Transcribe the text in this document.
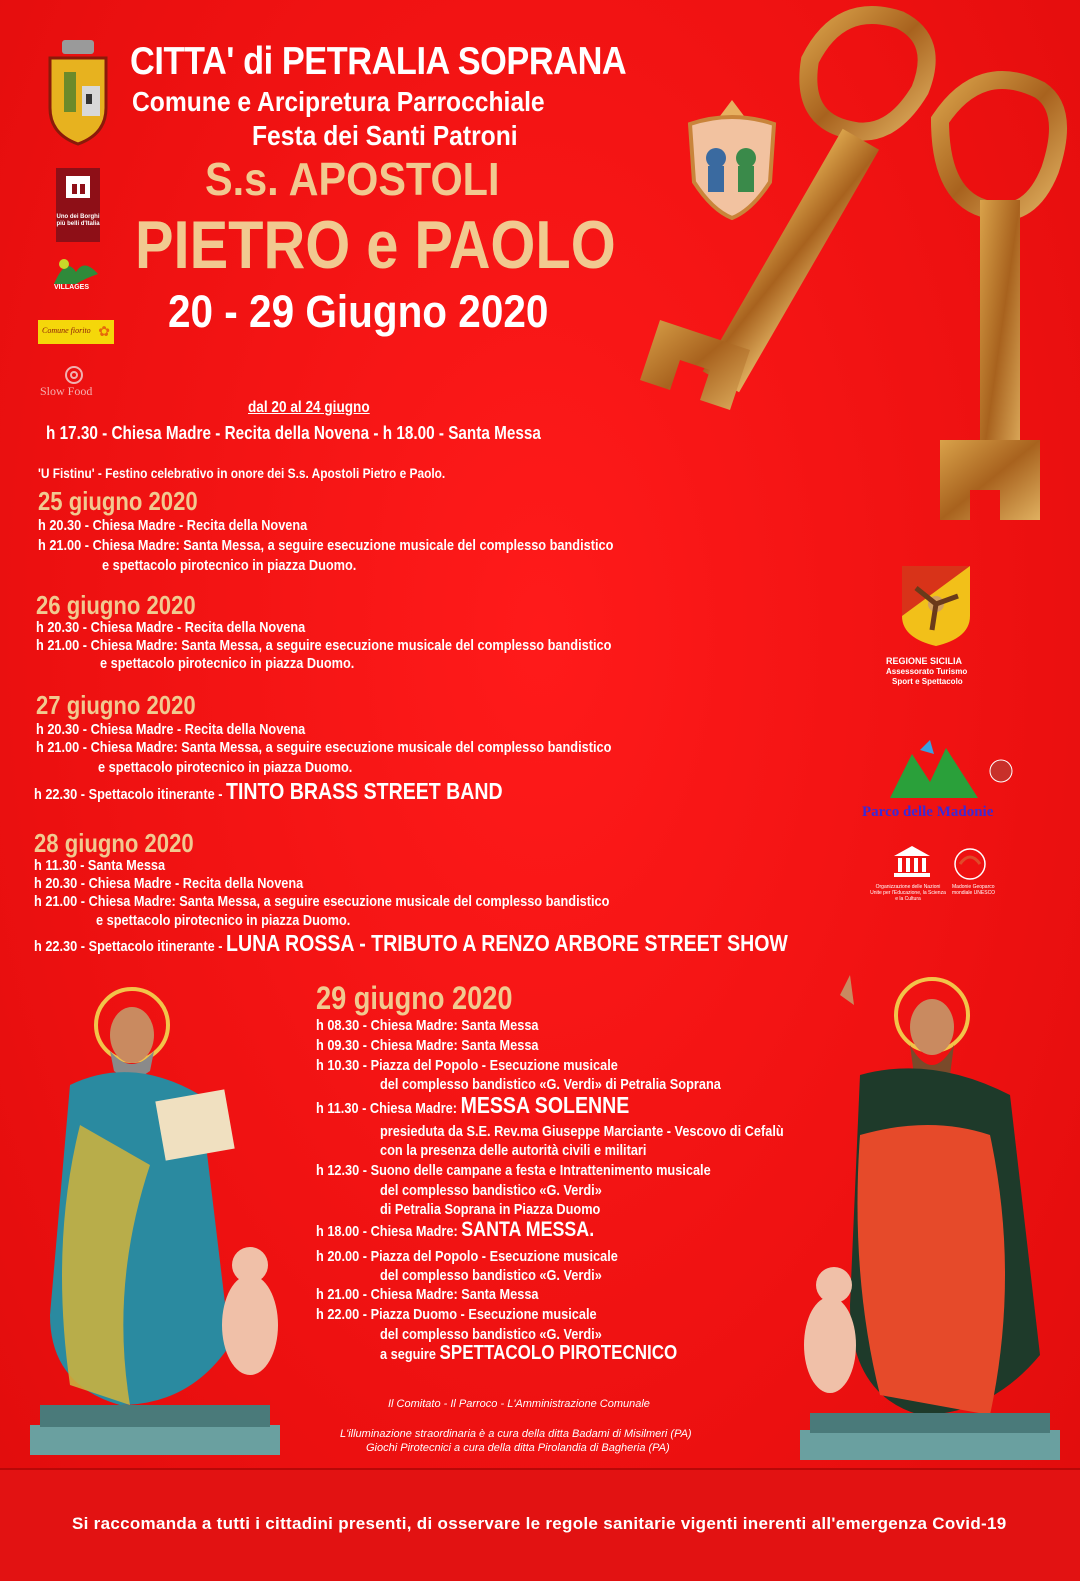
CITTA' di PETRALIA SOPRANA
Comune e Arcipretura Parrocchiale
Festa dei Santi Patroni
S.s. APOSTOLI
PIETRO e PAOLO
20 - 29 Giugno 2020
Uno dei Borghi più belli d'Italia
VILLAGES
Comune fiorito ✿
Slow Food
REGIONE SICILIA
Assessorato Turismo
Sport e Spettacolo
Parco delle Madonie
Organizzazione delle Nazioni Unite per l'Educazione, la Scienza e la Cultura
Madonie Geoparco mondiale UNESCO
dal 20 al 24 giugno
h 17.30 - Chiesa Madre - Recita della Novena - h 18.00 - Santa Messa
'U Fistinu' - Festino celebrativo in onore dei S.s. Apostoli Pietro e Paolo.
25 giugno 2020
h 20.30 - Chiesa Madre - Recita della Novena
h 21.00 - Chiesa Madre: Santa Messa, a seguire esecuzione musicale del complesso bandistico
e spettacolo pirotecnico in piazza Duomo.
26 giugno 2020
h 20.30 - Chiesa Madre - Recita della Novena
h 21.00 - Chiesa Madre: Santa Messa, a seguire esecuzione musicale del complesso bandistico
e spettacolo pirotecnico in piazza Duomo.
27 giugno 2020
h 20.30 - Chiesa Madre - Recita della Novena
h 21.00 - Chiesa Madre: Santa Messa, a seguire esecuzione musicale del complesso bandistico
e spettacolo pirotecnico in piazza Duomo.
h 22.30 - Spettacolo itinerante - TINTO BRASS STREET BAND
28 giugno 2020
h 11.30 - Santa Messa
h 20.30 - Chiesa Madre - Recita della Novena
h 21.00 - Chiesa Madre: Santa Messa, a seguire esecuzione musicale del complesso bandistico
e spettacolo pirotecnico in piazza Duomo.
h 22.30 - Spettacolo itinerante - LUNA ROSSA - TRIBUTO A RENZO ARBORE STREET SHOW
29 giugno 2020
h 08.30 - Chiesa Madre: Santa Messa
h 09.30 - Chiesa Madre: Santa Messa
h 10.30 - Piazza del Popolo - Esecuzione musicale
del complesso bandistico «G. Verdi» di Petralia Soprana
h 11.30 - Chiesa Madre: MESSA SOLENNE
presieduta da S.E. Rev.ma Giuseppe Marciante - Vescovo di Cefalù
con la presenza delle autorità civili e militari
h 12.30 - Suono delle campane a festa e Intrattenimento musicale
del complesso bandistico «G. Verdi»
di Petralia Soprana in Piazza Duomo
h 18.00 - Chiesa Madre: SANTA MESSA.
h 20.00 - Piazza del Popolo - Esecuzione musicale
del complesso bandistico «G. Verdi»
h 21.00 - Chiesa Madre: Santa Messa
h 22.00 - Piazza Duomo - Esecuzione musicale
del complesso bandistico «G. Verdi»
a seguire SPETTACOLO PIROTECNICO
Il Comitato - Il Parroco - L'Amministrazione Comunale
L'illuminazione straordinaria è a cura della ditta Badami di Misilmeri (PA)
Giochi Pirotecnici a cura della ditta Pirolandia di Bagheria (PA)
Si raccomanda a tutti i cittadini presenti, di osservare le regole sanitarie vigenti inerenti all'emergenza Covid-19
